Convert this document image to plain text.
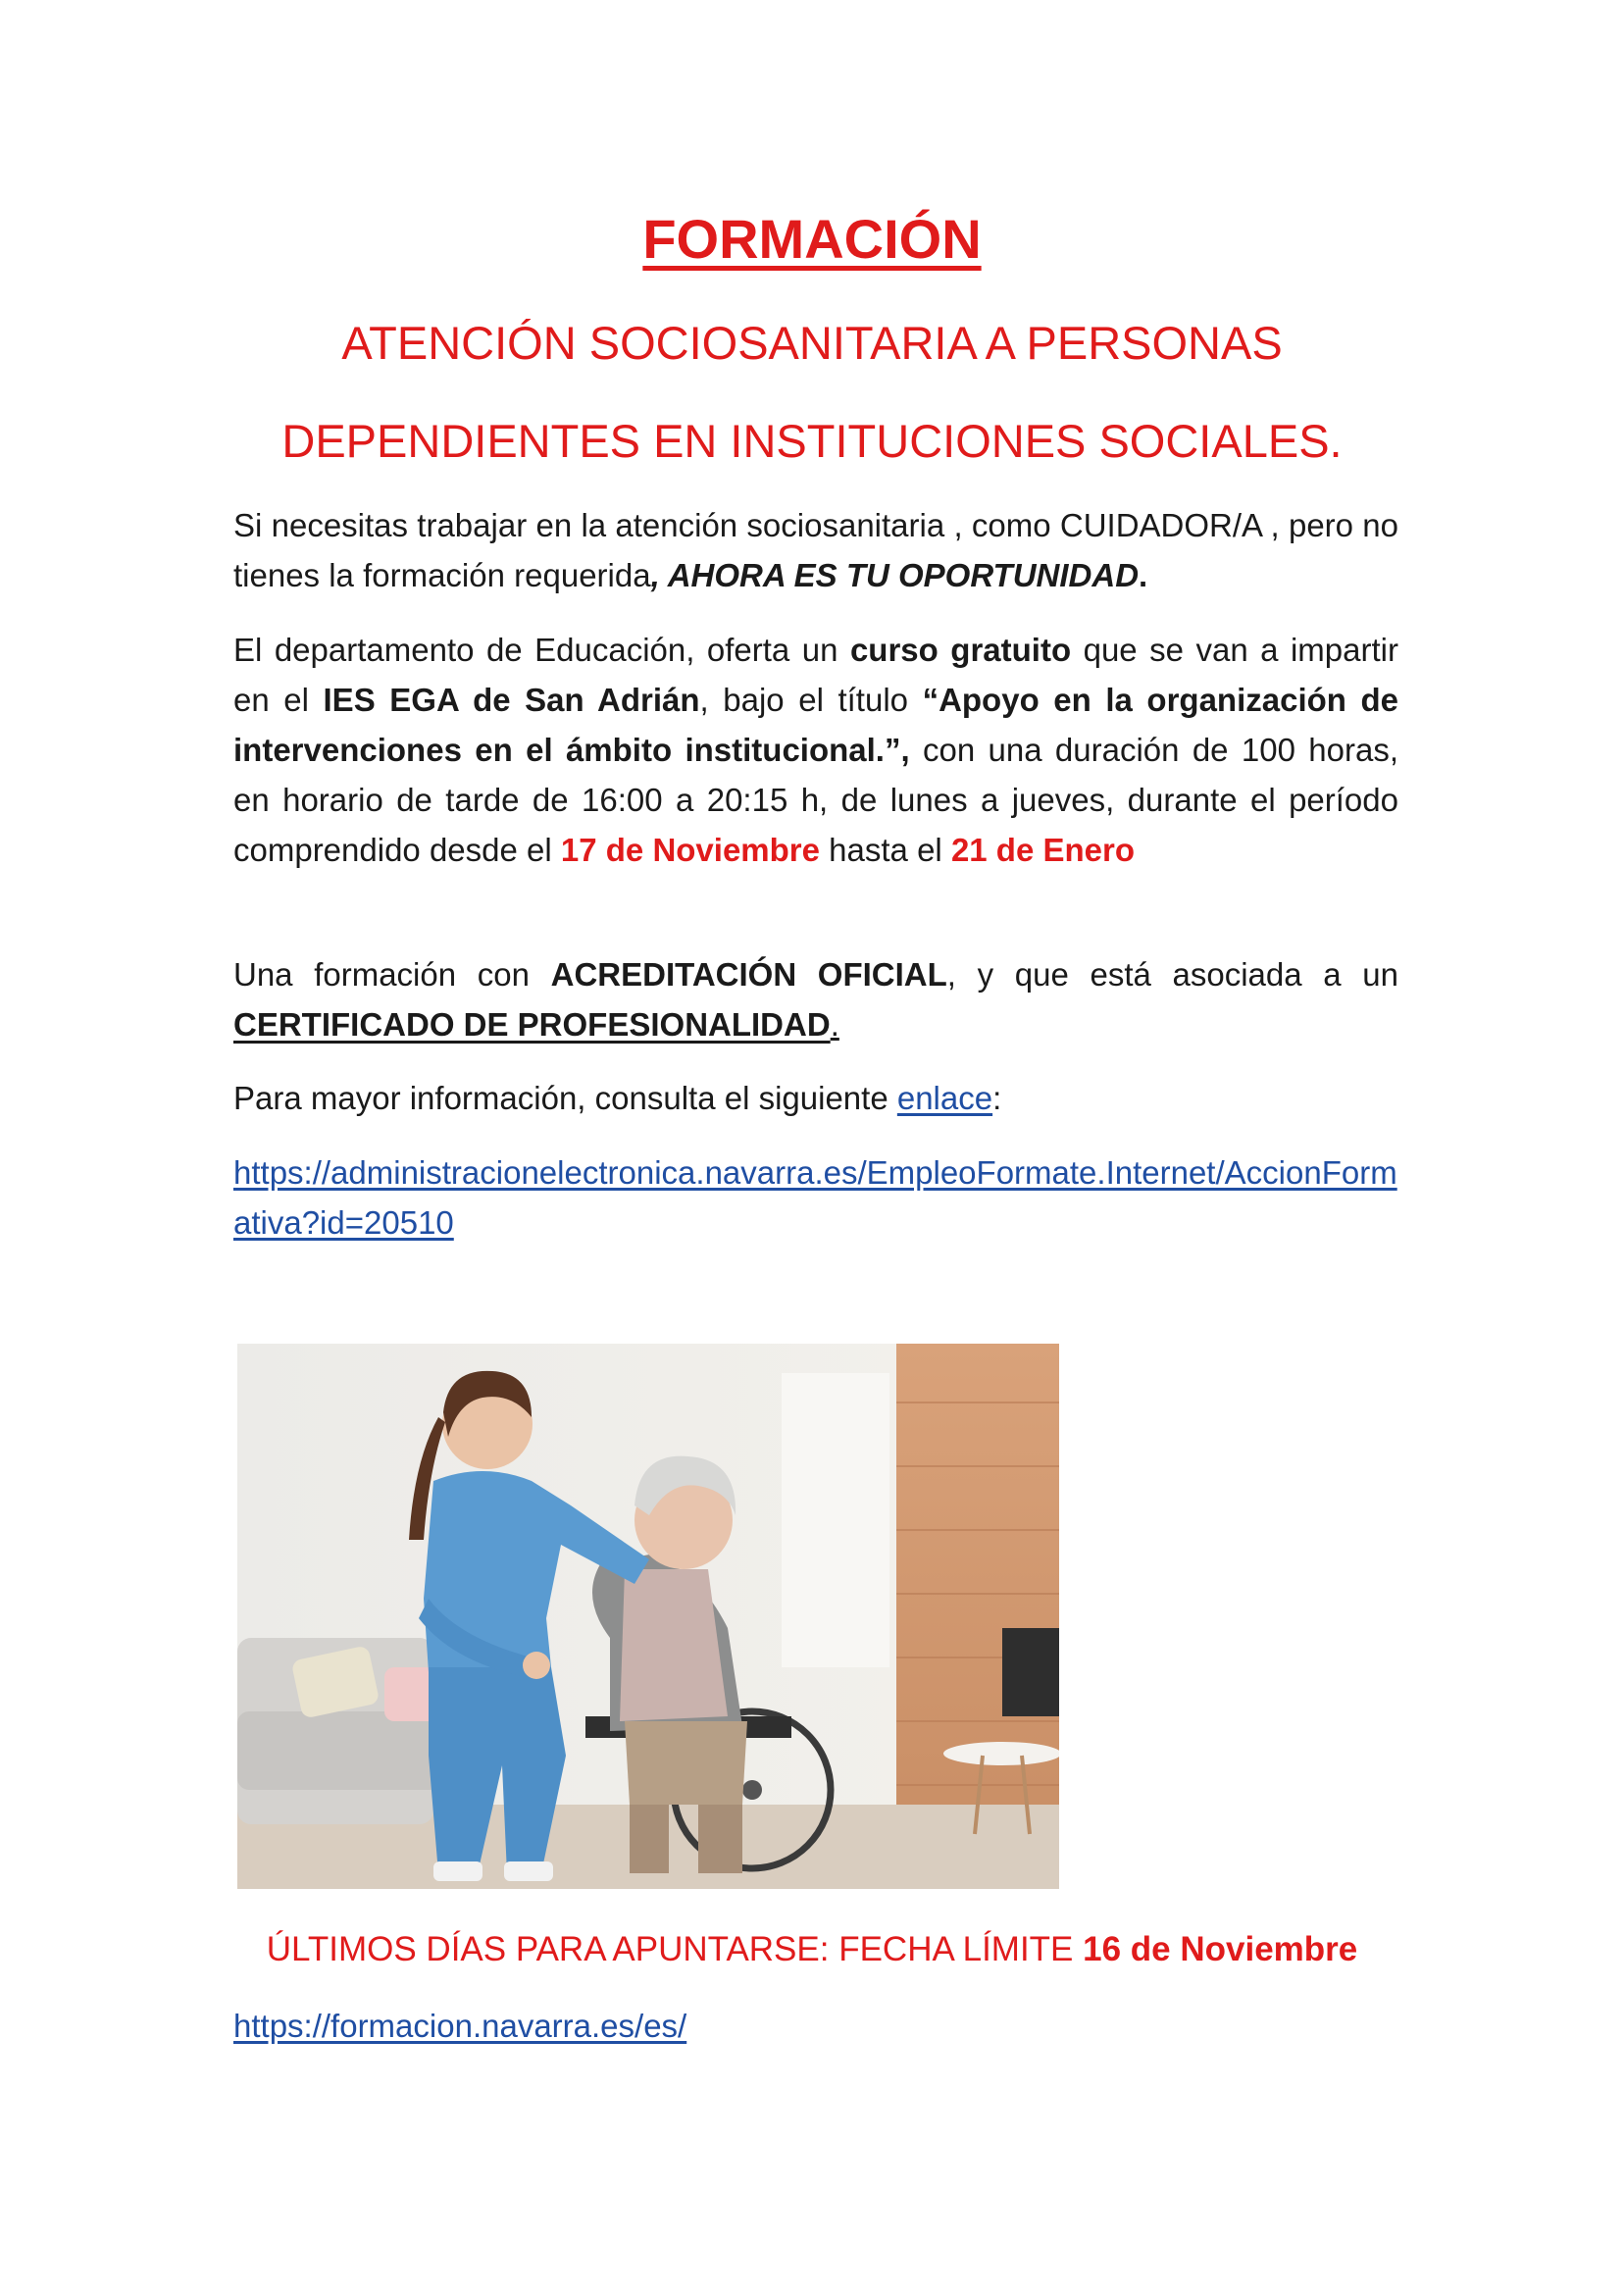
FORMACIÓN
ATENCIÓN SOCIOSANITARIA A PERSONAS
DEPENDIENTES EN INSTITUCIONES SOCIALES.
Si necesitas trabajar en la atención sociosanitaria , como CUIDADOR/A , pero no tienes la formación requerida, AHORA ES TU OPORTUNIDAD.
El departamento de Educación, oferta un curso gratuito que se van a impartir en el IES EGA de San Adrián, bajo el título “Apoyo en la organización de intervenciones en el ámbito institucional.”, con una duración de 100 horas, en horario de tarde de 16:00 a 20:15 h, de lunes a jueves, durante el período comprendido desde el 17 de Noviembre hasta el 21 de Enero
Una formación con ACREDITACIÓN OFICIAL, y que está asociada a un CERTIFICADO DE PROFESIONALIDAD.
Para mayor información, consulta el siguiente enlace:
https://administracionelectronica.navarra.es/EmpleoFormate.Internet/AccionFormativa?id=20510
ÚLTIMOS DÍAS PARA APUNTARSE: FECHA LÍMITE 16 de Noviembre
https://formacion.navarra.es/es/
